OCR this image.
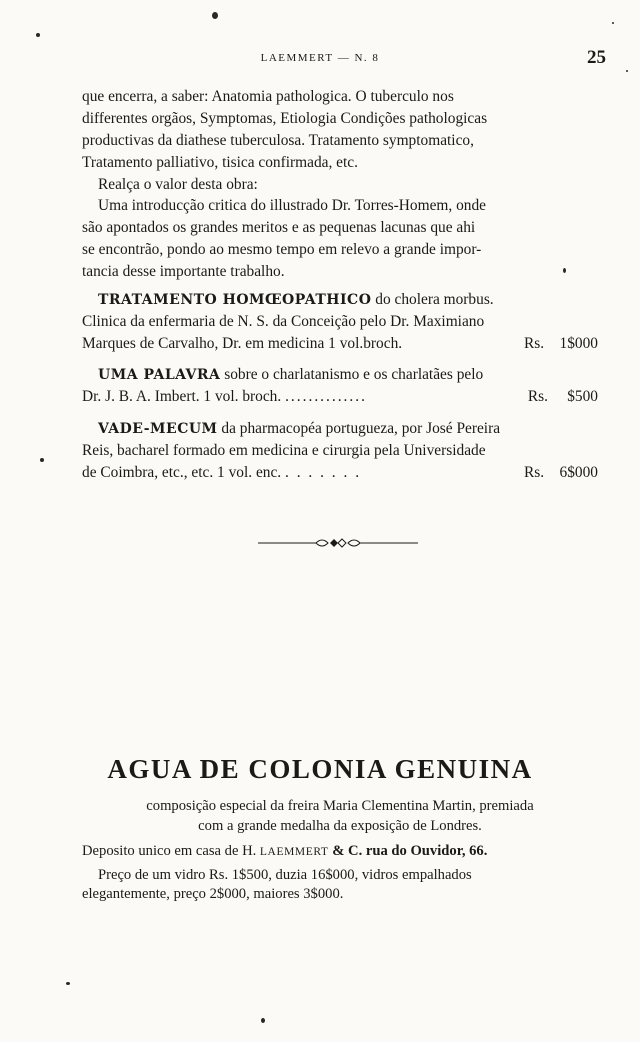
LAEMMERT — N. 8	25
que encerra, a saber: Anatomia pathologica. O tuberculo nos
differentes orgãos, Symptomas, Etiologia Condições pathologicas
productivas da diathese tuberculosa. Tratamento symptomatico,
Tratamento palliativo, tisica confirmada, etc.
Realça o valor desta obra:
Uma introducção critica do illustrado Dr. Torres-Homem, onde
são apontados os grandes meritos e as pequenas lacunas que ahi
se encontrão, pondo ao mesmo tempo em relevo a grande impor-
tancia desse importante trabalho.
TRATAMENTO HOMŒOPATHICO do cholera morbus.
Clinica da enfermaria de N. S. da Conceição pelo Dr. Maximiano
Marques de Carvalho, Dr. em medicina 1 vol.broch.	Rs. 1$000
UMA PALAVRA sobre o charlatanismo e os charlatães pelo
Dr. J. B. A. Imbert. 1 vol. broch. ..............	Rs. $500
VADE-MECUM da pharmacopéa portugueza, por José Pereira
Reis, bacharel formado em medicina e cirurgia pela Universidade
de Coimbra, etc., etc. 1 vol. enc. . . . . . . .	Rs. 6$000
AGUA DE COLONIA GENUINA
composição especial da freira Maria Clementina Martin, premiada
com a grande medalha da exposição de Londres.
Deposito unico em casa de H. LAEMMERT & C. rua do Ouvidor, 66.
Preço de um vidro Rs. 1$500, duzia 16$000, vidros empalhados
elegantemente, preço 2$000, maiores 3$000.
